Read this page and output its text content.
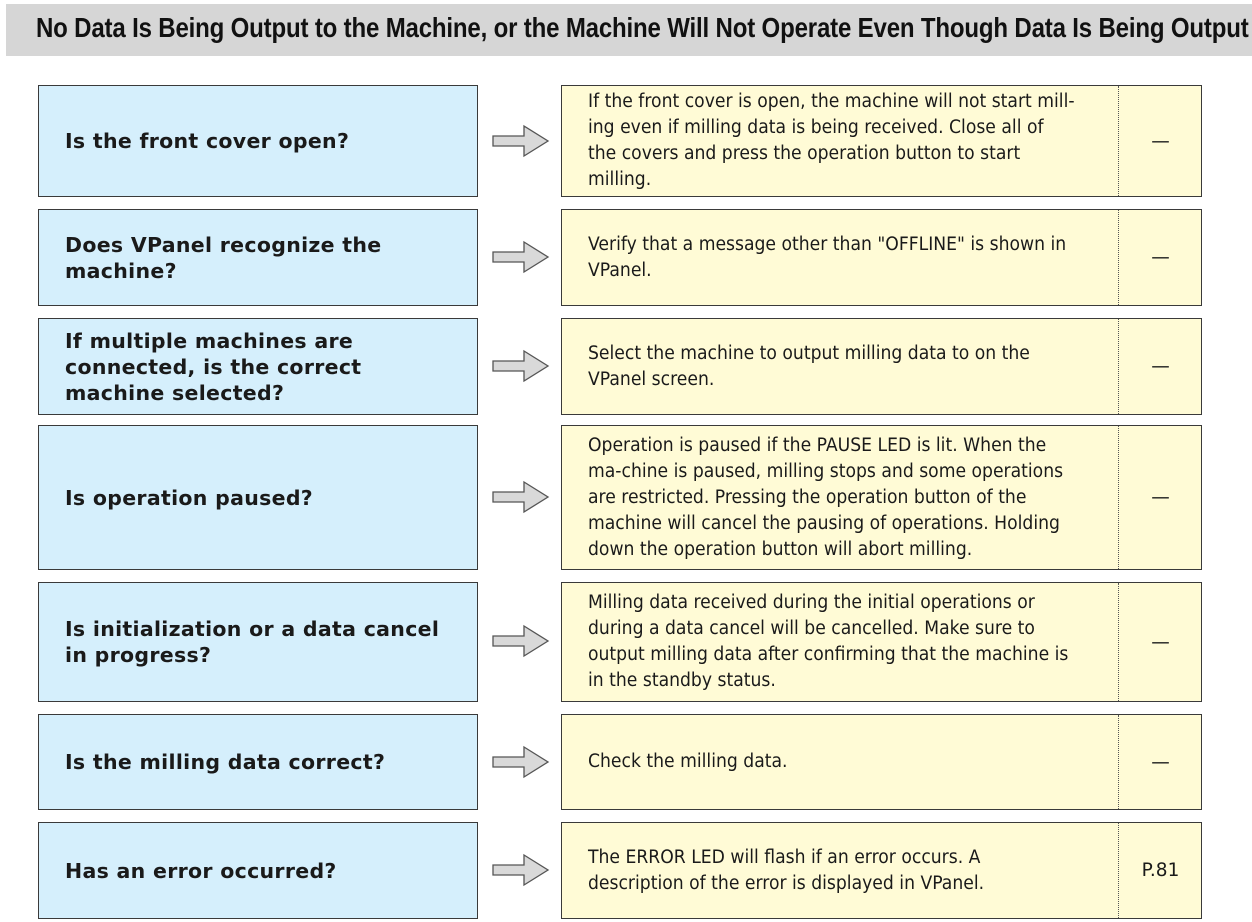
No Data Is Being Output to the Machine, or the Machine Will Not Operate Even Though Data Is Being Output
Is the front cover open?
If the front cover is open, the machine will not start mill-ing even if milling data is being received. Close all of the covers and press the operation button to start milling.
—
Does VPanel recognize the machine?
Verify that a message other than "OFFLINE" is shown in VPanel.
—
If multiple machines are connected, is the correct machine selected?
Select the machine to output milling data to on the VPanel screen.
—
Is operation paused?
Operation is paused if the PAUSE LED is lit. When the ma-chine is paused, milling stops and some operations are restricted. Pressing the operation button of the machine will cancel the pausing of operations. Holding down the operation button will abort milling.
—
Is initialization or a data cancel in progress?
Milling data received during the initial operations or during a data cancel will be cancelled. Make sure to output milling data after confirming that the machine is in the standby status.
—
Is the milling data correct?	Check the milling data.	—
Has an error occurred?
The ERROR LED will flash if an error occurs. A description of the error is displayed in VPanel.
P.81
